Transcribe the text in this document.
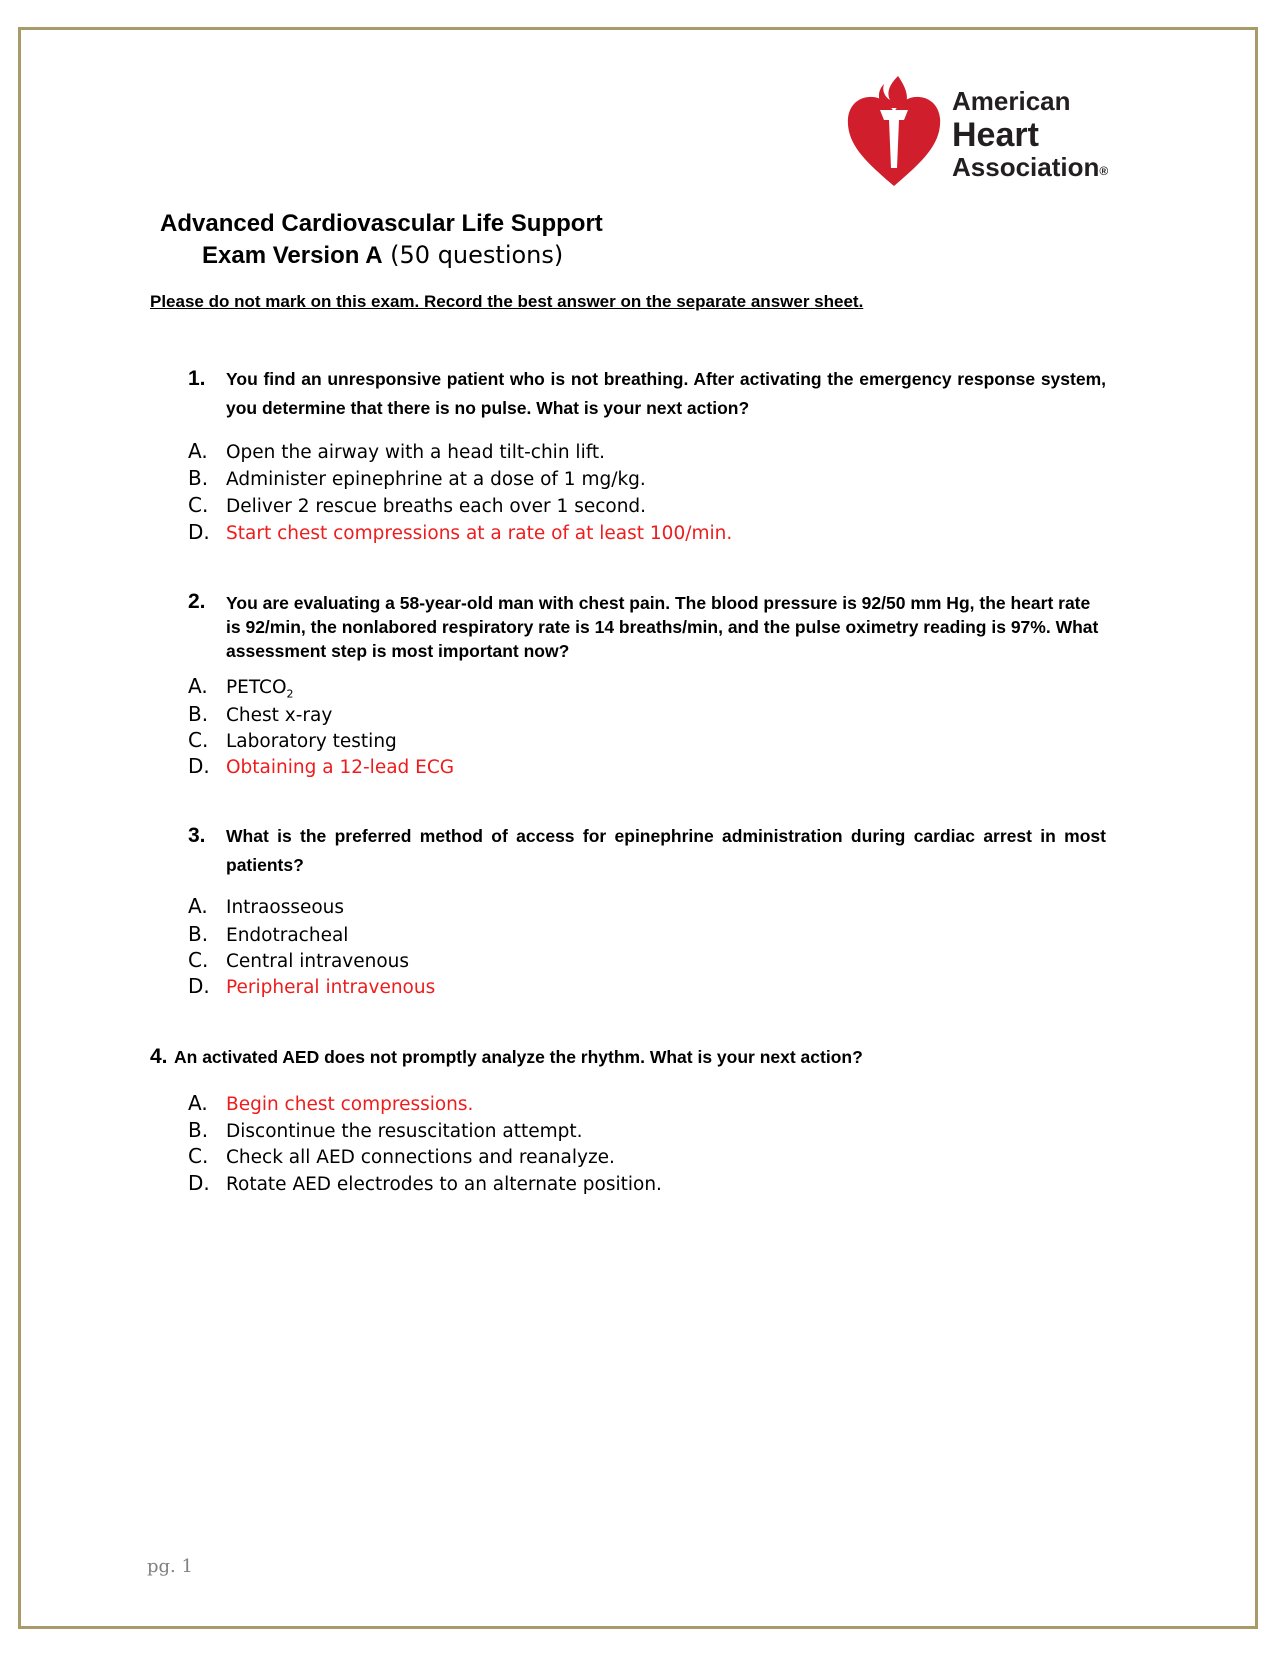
American
Heart
Association®
Advanced Cardiovascular Life Support
Exam Version A (50 questions)
Please do not mark on this exam. Record the best answer on the separate answer sheet.
1. You find an unresponsive patient who is not breathing. After activating the emergency response system, you determine that there is no pulse. What is your next action?
A. Open the airway with a head tilt-chin lift.
B. Administer epinephrine at a dose of 1 mg/kg.
C. Deliver 2 rescue breaths each over 1 second.
D. Start chest compressions at a rate of at least 100/min.
2. You are evaluating a 58-year-old man with chest pain. The blood pressure is 92/50 mm Hg, the heart rate is 92/min, the nonlabored respiratory rate is 14 breaths/min, and the pulse oximetry reading is 97%. What assessment step is most important now?
A. $PETCO_2$
B. Chest x-ray
C. Laboratory testing
D. Obtaining a 12-lead ECG
3. What is the preferred method of access for epinephrine administration during cardiac arrest in most patients?
A. Intraosseous
B. Endotracheal
C. Central intravenous
D. Peripheral intravenous
4. An activated AED does not promptly analyze the rhythm. What is your next action?
A. Begin chest compressions.
B. Discontinue the resuscitation attempt.
C. Check all AED connections and reanalyze.
D. Rotate AED electrodes to an alternate position.
pg. 1
